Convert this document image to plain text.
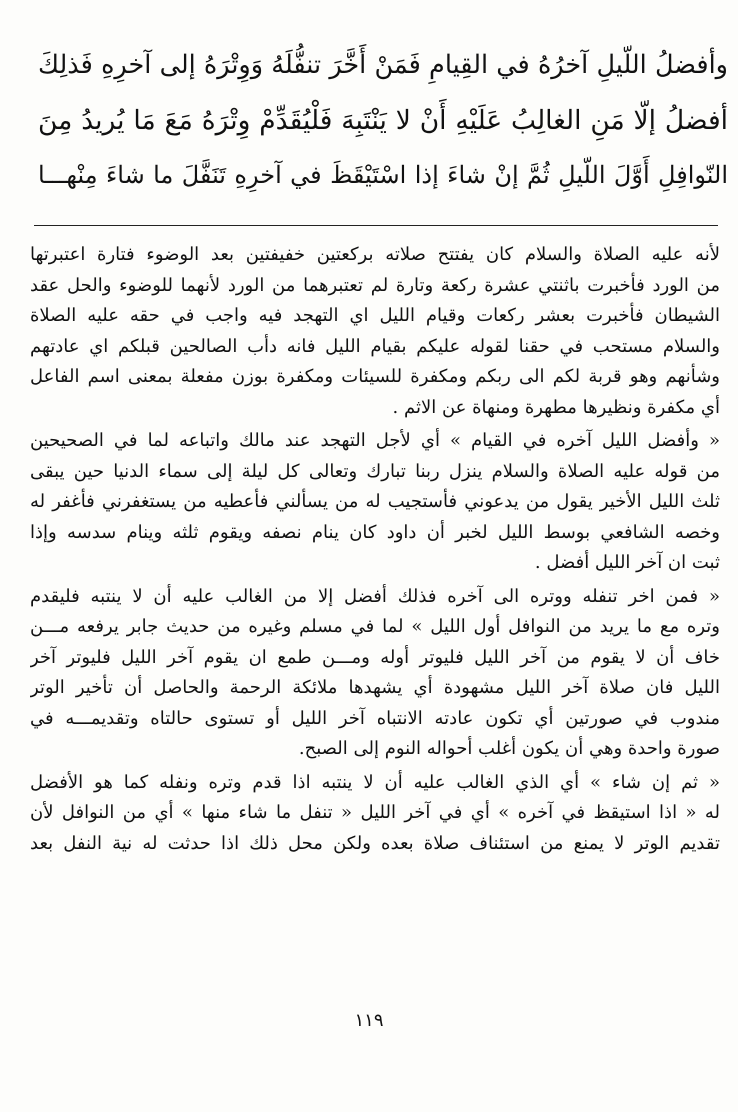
وأفضلُ اللّيلِ آخرُهُ في القِيامِ فَمَنْ أَخَّرَ تنفُّلَهُ وَوِتْرَهُ إلى آخرِهِ فَذلِكَ
أفضلُ إلّا مَنِ الغالِبُ عَلَيْهِ أَنْ لا يَنْتَبِهَ فَلْيُقَدِّمْ وِتْرَهُ مَعَ مَا يُريدُ مِنَ
النّوافِلِ أَوَّلَ اللّيلِ ثُمَّ إنْ شاءَ إذا اسْتَيْقَظَ في آخرِهِ تَنَفَّلَ ما شاءَ مِنْهـــا
لأنه عليه الصلاة والسلام كان يفتتح صلاته بركعتين خفيفتين بعد الوضوء فتارة اعتبرتها
من الورد فأخبرت باثنتي عشرة ركعة وتارة لم تعتبرهما من الورد لأنهما للوضوء والحل عقد
الشيطان فأخبرت بعشر ركعات وقيام الليل اي التهجد فيه واجب في حقه عليه الصلاة
والسلام مستحب في حقنا لقوله عليكم بقيام الليل فانه دأب الصالحين قبلكم اي عادتهم
وشأنهم وهو قربة لكم الى ربكم ومكفرة للسيئات ومكفرة بوزن مفعلة بمعنى اسم الفاعل
أي مكفرة ونظيرها مطهرة ومنهاة عن الاثم .
« وأفضل الليل آخره في القيام » أي لأجل التهجد عند مالك واتباعه لما في الصحيحين
من قوله عليه الصلاة والسلام ينزل ربنا تبارك وتعالى كل ليلة إلى سماء الدنيا حين يبقى
ثلث الليل الأخير يقول من يدعوني فأستجيب له من يسألني فأعطيه من يستغفرني فأغفر له
وخصه الشافعي بوسط الليل لخبر أن داود كان ينام نصفه ويقوم ثلثه وينام سدسه وإذا
ثبت ان آخر الليل أفضل .
« فمن اخر تنفله ووتره الى آخره فذلك أفضل إلا من الغالب عليه أن لا ينتبه فليقدم
وتره مع ما يريد من النوافل أول الليل » لما في مسلم وغيره من حديث جابر يرفعه مـــن
خاف أن لا يقوم من آخر الليل فليوتر أوله ومـــن طمع ان يقوم آخر الليل فليوتر آخر
الليل فان صلاة آخر الليل مشهودة أي يشهدها ملائكة الرحمة والحاصل أن تأخير الوتر
مندوب في صورتين أي تكون عادته الانتباه آخر الليل أو تستوى حالتاه وتقديمـــه في
صورة واحدة وهي أن يكون أغلب أحواله النوم إلى الصبح.
« ثم إن شاء » أي الذي الغالب عليه أن لا ينتبه اذا قدم وتره ونفله كما هو الأفضل
له « اذا استيقظ في آخره » أي في آخر الليل « تنفل ما شاء منها » أي من النوافل لأن
تقديم الوتر لا يمنع من استئناف صلاة بعده ولكن محل ذلك اذا حدثت له نية النفل بعد
١١٩
